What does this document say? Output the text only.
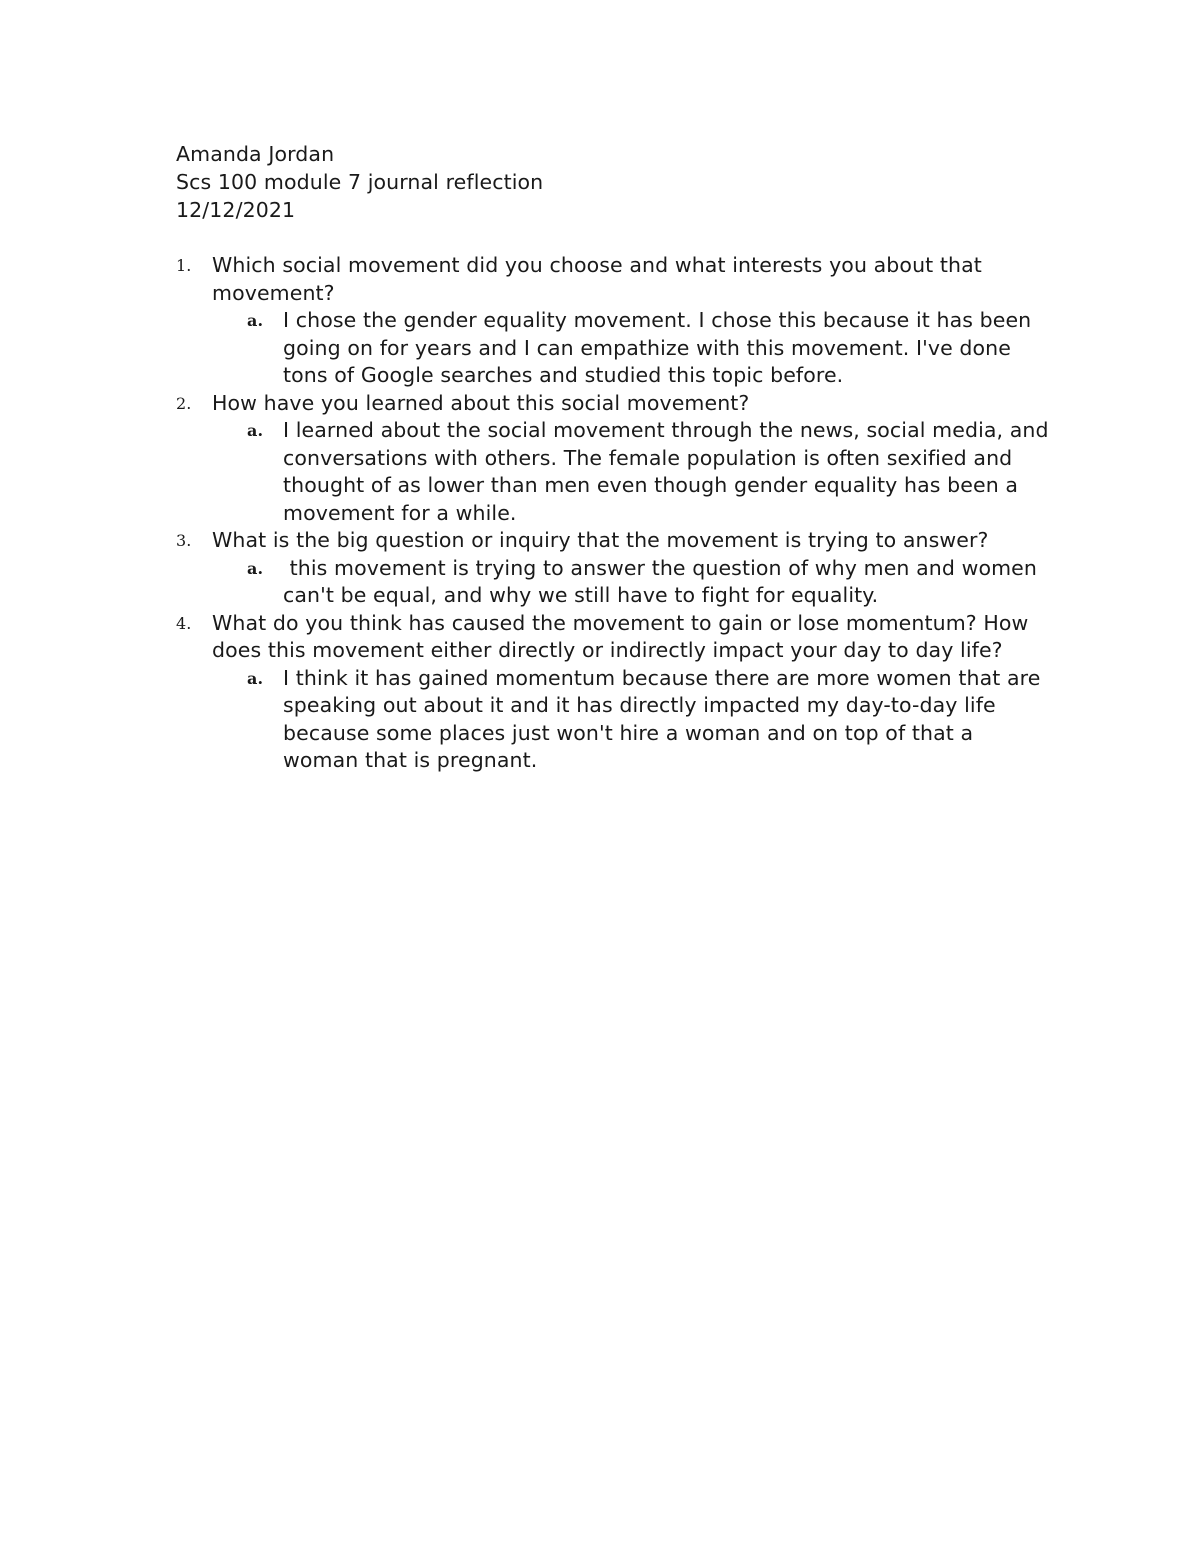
Amanda Jordan
Scs 100 module 7 journal reflection
12/12/2021
1. Which social movement did you choose and what interests you about that movement?
a. I chose the gender equality movement. I chose this because it has been going on for years and I can empathize with this movement. I've done tons of Google searches and studied this topic before.
2. How have you learned about this social movement?
a. I learned about the social movement through the news, social media, and conversations with others. The female population is often sexified and thought of as lower than men even though gender equality has been a movement for a while.
3. What is the big question or inquiry that the movement is trying to answer?
a. this movement is trying to answer the question of why men and women can't be equal, and why we still have to fight for equality.
4. What do you think has caused the movement to gain or lose momentum? How does this movement either directly or indirectly impact your day to day life?
a. I think it has gained momentum because there are more women that are speaking out about it and it has directly impacted my day-to-day life because some places just won't hire a woman and on top of that a woman that is pregnant.
